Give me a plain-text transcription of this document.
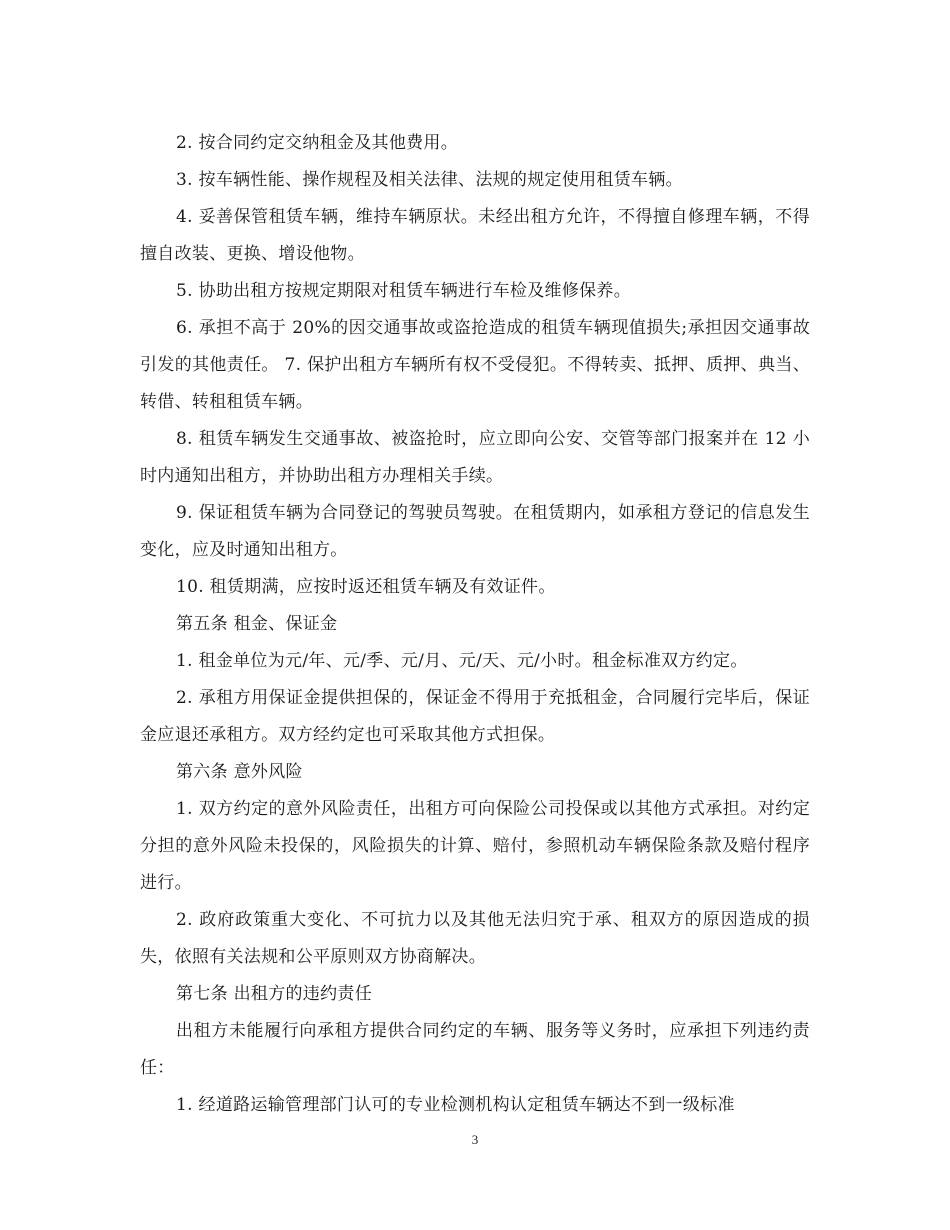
2. 按合同约定交纳租金及其他费用。

3. 按车辆性能、操作规程及相关法律、法规的规定使用租赁车辆。

4. 妥善保管租赁车辆，维持车辆原状。未经出租方允许，不得擅自修理车辆，不得擅自改装、更换、增设他物。

5. 协助出租方按规定期限对租赁车辆进行车检及维修保养。

6. 承担不高于 20%的因交通事故或盗抢造成的租赁车辆现值损失;承担因交通事故引发的其他责任。 7. 保护出租方车辆所有权不受侵犯。不得转卖、抵押、质押、典当、转借、转租租赁车辆。

8. 租赁车辆发生交通事故、被盗抢时，应立即向公安、交管等部门报案并在 12 小时内通知出租方，并协助出租方办理相关手续。

9. 保证租赁车辆为合同登记的驾驶员驾驶。在租赁期内，如承租方登记的信息发生变化，应及时通知出租方。

10. 租赁期满，应按时返还租赁车辆及有效证件。

第五条 租金、保证金

1. 租金单位为元/年、元/季、元/月、元/天、元/小时。租金标准双方约定。

2. 承租方用保证金提供担保的，保证金不得用于充抵租金，合同履行完毕后，保证金应退还承租方。双方经约定也可采取其他方式担保。

第六条 意外风险

1. 双方约定的意外风险责任，出租方可向保险公司投保或以其他方式承担。对约定分担的意外风险未投保的，风险损失的计算、赔付，参照机动车辆保险条款及赔付程序进行。

2. 政府政策重大变化、不可抗力以及其他无法归究于承、租双方的原因造成的损失，依照有关法规和公平原则双方协商解决。

第七条 出租方的违约责任

出租方未能履行向承租方提供合同约定的车辆、服务等义务时，应承担下列违约责任：

1. 经道路运输管理部门认可的专业检测机构认定租赁车辆达不到一级标准

3
